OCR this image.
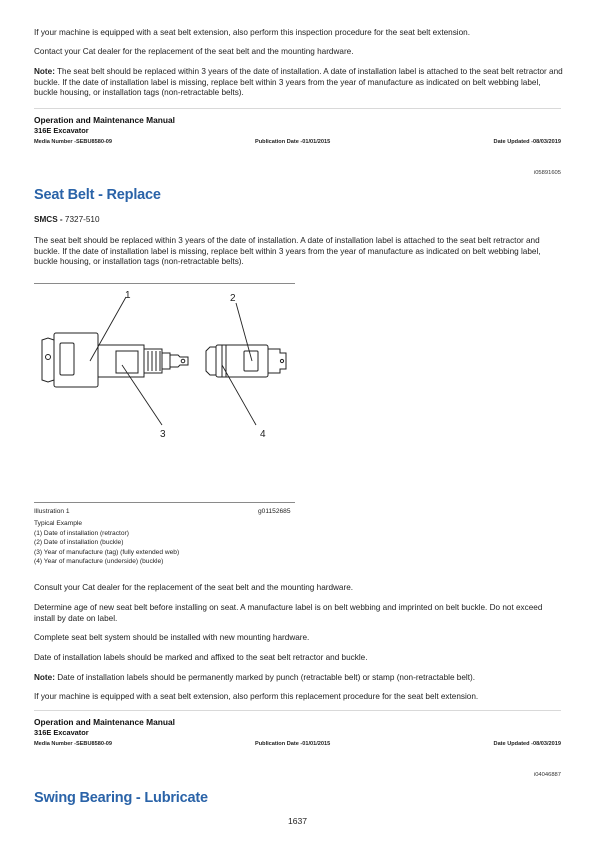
If your machine is equipped with a seat belt extension, also perform this inspection procedure for the seat belt extension.
Contact your Cat dealer for the replacement of the seat belt and the mounting hardware.
Note: The seat belt should be replaced within 3 years of the date of installation. A date of installation label is attached to the seat belt retractor and buckle. If the date of installation label is missing, replace belt within 3 years from the year of manufacture as indicated on belt webbing label, buckle housing, or installation tags (non-retractable belts).
Operation and Maintenance Manual
316E Excavator
Media Number -SEBU8580-09	Publication Date -01/01/2015	Date Updated -08/03/2019
i05891605
Seat Belt - Replace
SMCS - 7327-510
The seat belt should be replaced within 3 years of the date of installation. A date of installation label is attached to the seat belt retractor and buckle. If the date of installation label is missing, replace belt within 3 years from the year of manufacture as indicated on belt webbing label, buckle housing, or installation tags (non-retractable belts).
1	2
3	4
Illustration 1	g01152685
Typical Example
(1) Date of installation (retractor)
(2) Date of installation (buckle)
(3) Year of manufacture (tag) (fully extended web)
(4) Year of manufacture (underside) (buckle)
Consult your Cat dealer for the replacement of the seat belt and the mounting hardware.
Determine age of new seat belt before installing on seat. A manufacture label is on belt webbing and imprinted on belt buckle. Do not exceed install by date on label.
Complete seat belt system should be installed with new mounting hardware.
Date of installation labels should be marked and affixed to the seat belt retractor and buckle.
Note: Date of installation labels should be permanently marked by punch (retractable belt) or stamp (non-retractable belt).
If your machine is equipped with a seat belt extension, also perform this replacement procedure for the seat belt extension.
Operation and Maintenance Manual
316E Excavator
Media Number -SEBU8580-09	Publication Date -01/01/2015	Date Updated -08/03/2019
i04046887
Swing Bearing - Lubricate
1637
